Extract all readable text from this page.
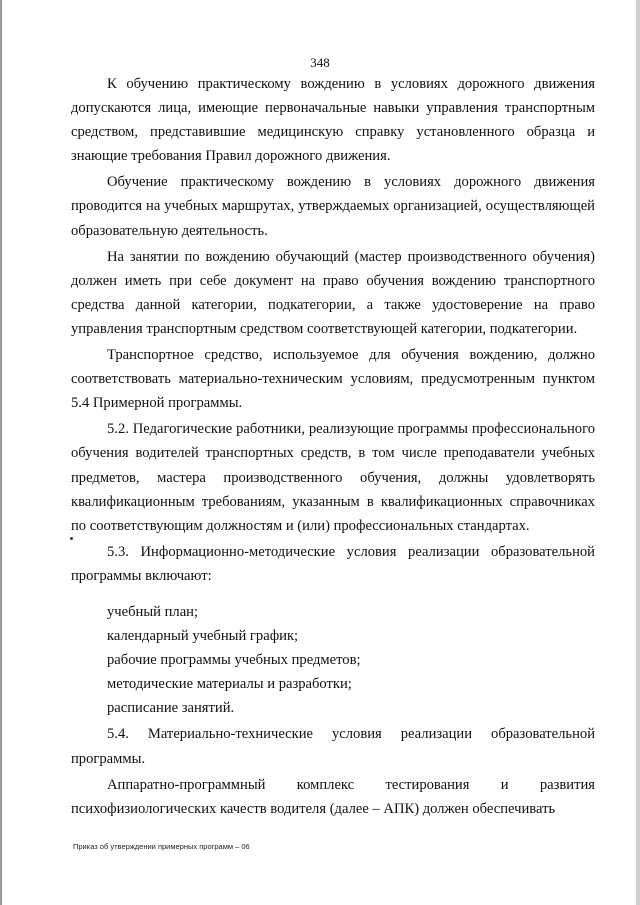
348

К обучению практическому вождению в условиях дорожного движения допускаются лица, имеющие первоначальные навыки управления транспортным средством, представившие медицинскую справку установленного образца и знающие требования Правил дорожного движения.

Обучение практическому вождению в условиях дорожного движения проводится на учебных маршрутах, утверждаемых организацией, осуществляющей образовательную деятельность.

На занятии по вождению обучающий (мастер производственного обучения) должен иметь при себе документ на право обучения вождению транспортного средства данной категории, подкатегории, а также удостоверение на право управления транспортным средством соответствующей категории, подкатегории.

Транспортное средство, используемое для обучения вождению, должно соответствовать материально-техническим условиям, предусмотренным пунктом 5.4 Примерной программы.

5.2. Педагогические работники, реализующие программы профессионального обучения водителей транспортных средств, в том числе преподаватели учебных предметов, мастера производственного обучения, должны удовлетворять квалификационным требованиям, указанным в квалификационных справочниках по соответствующим должностям и (или) профессиональных стандартах.

5.3. Информационно-методические условия реализации образовательной программы включают:

учебный план;
календарный учебный график;
рабочие программы учебных предметов;
методические материалы и разработки;
расписание занятий.

5.4. Материально-технические условия реализации образовательной программы.

Аппаратно-программный комплекс тестирования и развития психофизиологических качеств водителя (далее – АПК) должен обеспечивать

Приказ об утверждении примерных программ – 06
